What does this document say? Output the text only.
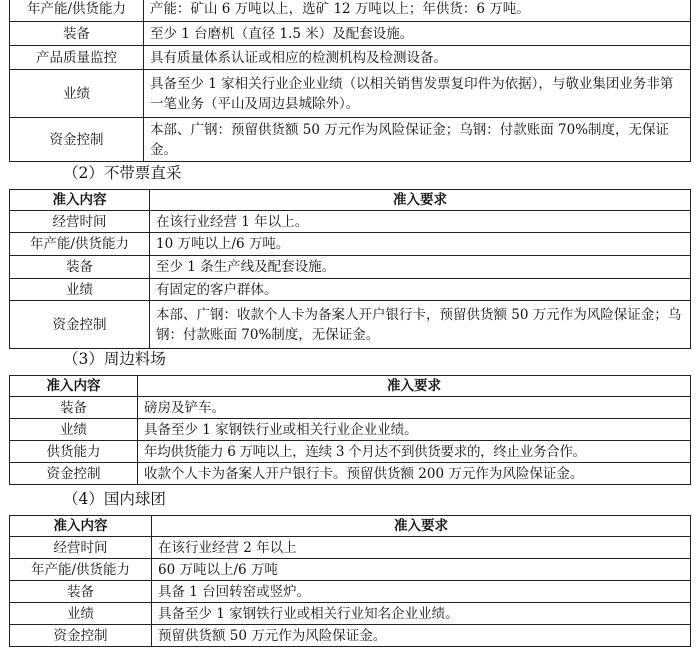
年产能/供货能力	产能：矿山 6 万吨以上，选矿 12 万吨以上；年供货：6 万吨。
装备	至少 1 台磨机（直径 1.5 米）及配套设施。
产品质量监控	具有质量体系认证或相应的检测机构及检测设备。
业绩	具备至少 1 家相关行业企业业绩（以相关销售发票复印件为依据），与敬业集团业务非第一笔业务（平山及周边县城除外）。
资金控制	本部、广钢：预留供货额 50 万元作为风险保证金；乌钢：付款账面 70%制度，无保证金。
（2）不带票直采
准入内容	准入要求
经营时间	在该行业经营 1 年以上。
年产能/供货能力	10 万吨以上/6 万吨。
装备	至少 1 条生产线及配套设施。
业绩	有固定的客户群体。
资金控制	本部、广钢：收款个人卡为备案人开户银行卡，预留供货额 50 万元作为风险保证金；乌钢：付款账面 70%制度，无保证金。
（3）周边料场
准入内容	准入要求
装备	磅房及铲车。
业绩	具备至少 1 家钢铁行业或相关行业企业业绩。
供货能力	年均供货能力 6 万吨以上，连续 3 个月达不到供货要求的，终止业务合作。
资金控制	收款个人卡为备案人开户银行卡。预留供货额 200 万元作为风险保证金。
（4）国内球团
准入内容	准入要求
经营时间	在该行业经营 2 年以上
年产能/供货能力	60 万吨以上/6 万吨
装备	具备 1 台回转窑或竖炉。
业绩	具备至少 1 家钢铁行业或相关行业知名企业业绩。
资金控制	预留供货额 50 万元作为风险保证金。
